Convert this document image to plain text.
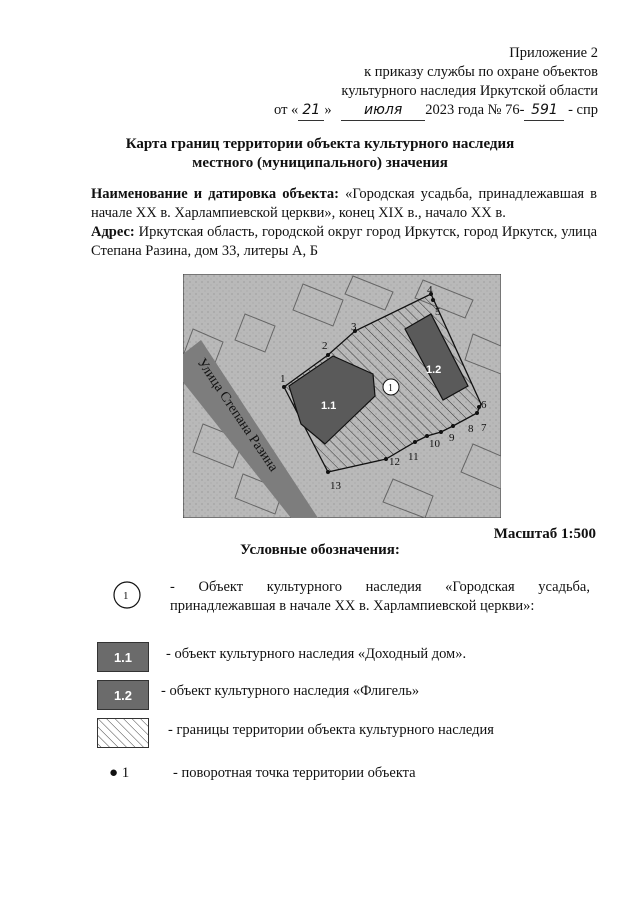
Приложение 2
к приказу службы по охране объектов
культурного наследия Иркутской области
от « 21 » июля 2023 года № 76- 591 - спр
Карта границ территории объекта культурного наследия
местного (муниципального) значения
Наименование и датировка объекта: «Городская усадьба, принадлежавшая в начале XX в. Харлампиевской церкви», конец XIX в., начало XX в.
Адрес: Иркутская область, городской округ город Иркутск, город Иркутск, улица Степана Разина, дом 33, литеры А, Б
Улица Степана Разина	1.1
1.2
1
1
2
3
4
5
6
7
8
9
10
11
12
13
Масштаб 1:500
Условные обозначения:
1
- Объект культурного наследия «Городская усадьба, принадлежавшая в начале XX в. Харлампиевской церкви»:
1.1 - объект культурного наследия «Доходный дом».
1.2 - объект культурного наследия «Флигель»
- границы территории объекта культурного наследия
● 1	- поворотная точка территории объекта
